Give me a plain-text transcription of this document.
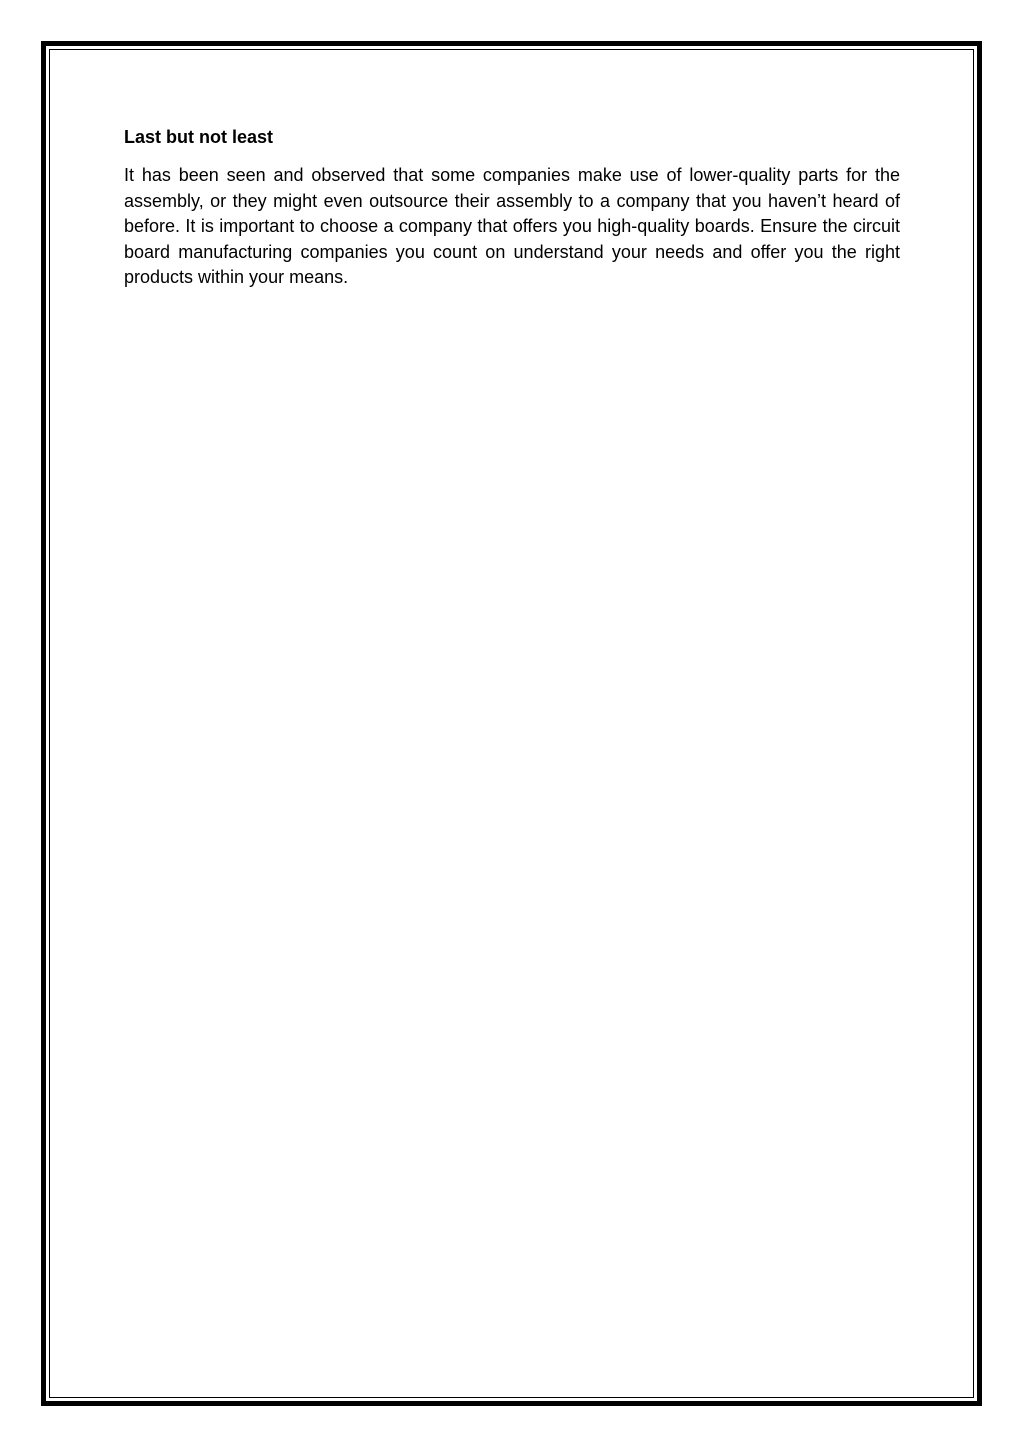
Last but not least

It has been seen and observed that some companies make use of lower-quality parts for the assembly, or they might even outsource their assembly to a company that you haven’t heard of before. It is important to choose a company that offers you high-quality boards. Ensure the circuit board manufacturing companies you count on understand your needs and offer you the right products within your means.
